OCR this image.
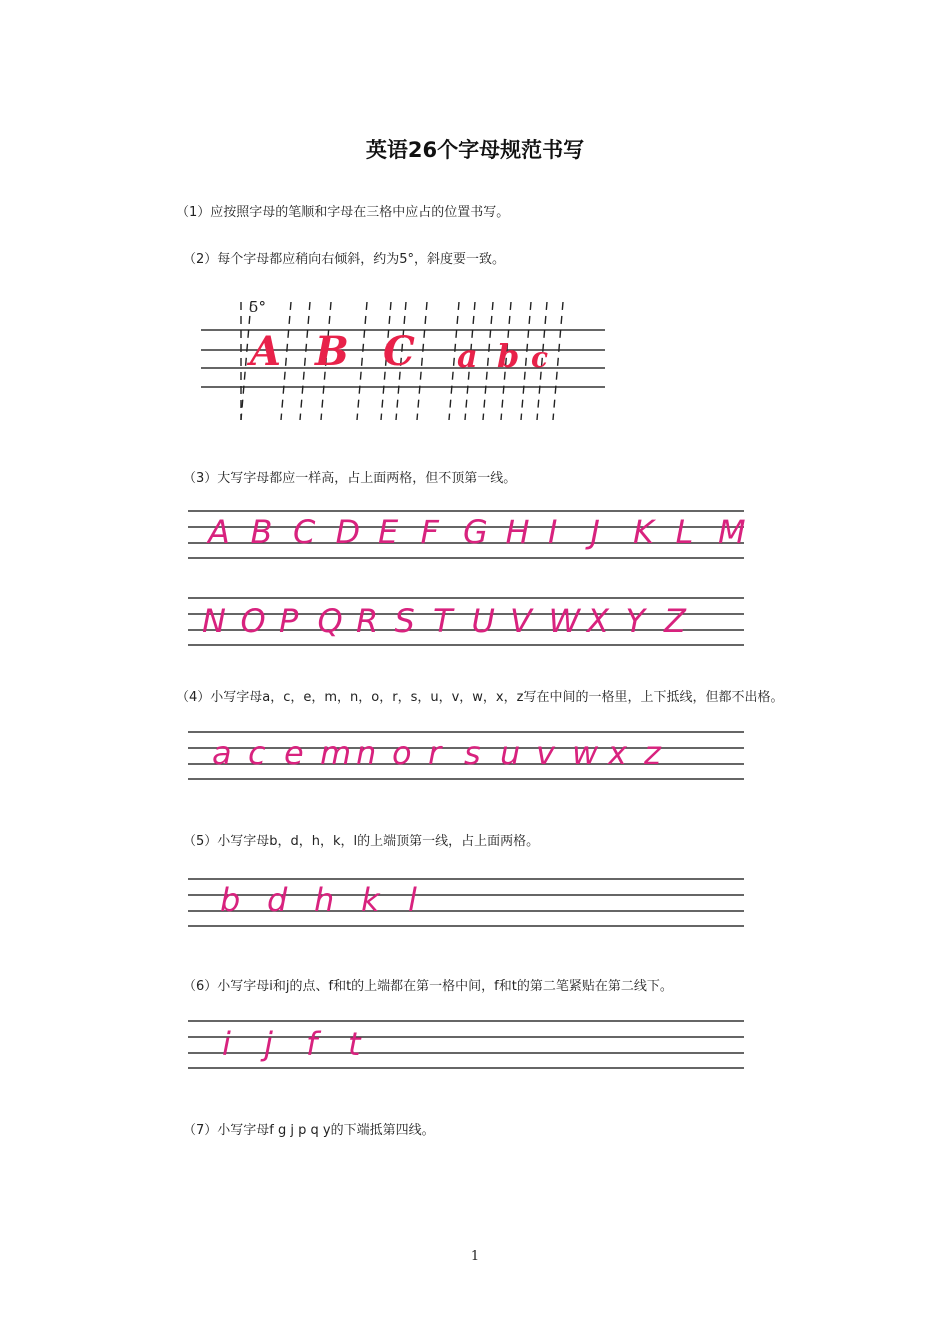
英语26个字母规范书写
（1）应按照字母的笔顺和字母在三格中应占的位置书写。
（2）每个字母都应稍向右倾斜，约为5°，斜度要一致。
5°
A B C a b c
（3）大写字母都应一样高，占上面两格，但不顶第一线。
A B C D E F G H I J K L M
N O P Q R S T U V W X Y Z
（4）小写字母a，c，e，m，n，o，r，s，u，v，w，x，z写在中间的一格里，上下抵线，但都不出格。
a c e m n o r s u v w x z
（5）小写字母b，d，h，k，l的上端顶第一线，占上面两格。
b d h k l
（6）小写字母i和j的点、f和t的上端都在第一格中间，f和t的第二笔紧贴在第二线下。
i j f t
（7）小写字母f g j p q y的下端抵第四线。
1
